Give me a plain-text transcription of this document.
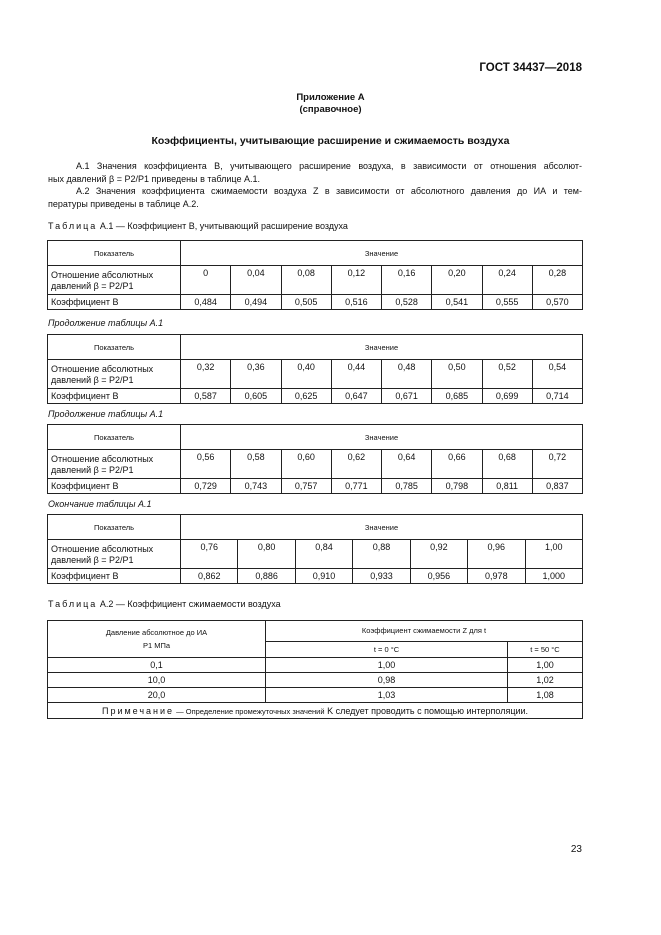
ГОСТ 34437—2018
Приложение А
(справочное)
Коэффициенты, учитывающие расширение и сжимаемость воздуха
А.1 Значения коэффициента B, учитывающего расширение воздуха, в зависимости от отношения абсолют-
ных давлений β = P2/P1 приведены в таблице А.1.
А.2 Значения коэффициента сжимаемости воздуха Z в зависимости от абсолютного давления до ИА и тем-
пературы приведены в таблице А.2.
Таблица А.1 — Коэффициент B, учитывающий расширение воздуха
Показатель	Значение							

Отношение абсолютных
давлений β = P2/P1	0	0,04	0,08	0,12	0,16	0,20	0,24	0,28
Коэффициент B	0,484	0,494	0,505	0,516	0,528	0,541	0,555	0,570
Продолжение таблицы А.1
Показатель	Значение							

Отношение абсолютных
давлений β = P2/P1	0,32	0,36	0,40	0,44	0,48	0,50	0,52	0,54
Коэффициент B	0,587	0,605	0,625	0,647	0,671	0,685	0,699	0,714
Продолжение таблицы А.1
Показатель	Значение							

Отношение абсолютных
давлений β = P2/P1	0,56	0,58	0,60	0,62	0,64	0,66	0,68	0,72
Коэффициент B	0,729	0,743	0,757	0,771	0,785	0,798	0,811	0,837
Окончание таблицы А.1
Показатель	Значение						

Отношение абсолютных
давлений β = P2/P1	0,76	0,80	0,84	0,88	0,92	0,96	1,00
Коэффициент B	0,862	0,886	0,910	0,933	0,956	0,978	1,000
Таблица А.2 — Коэффициент сжимаемости воздуха
Давление абсолютное до ИА
P1 МПа	Коэффициент сжимаемости Z для t	
	t = 0 °C	t = 50 °C
0,1	1,00	1,00
10,0	0,98	1,02
20,0	1,03	1,08
Примечание — Определение промежуточных значений K следует проводить с помощью интерполяции.		
23
